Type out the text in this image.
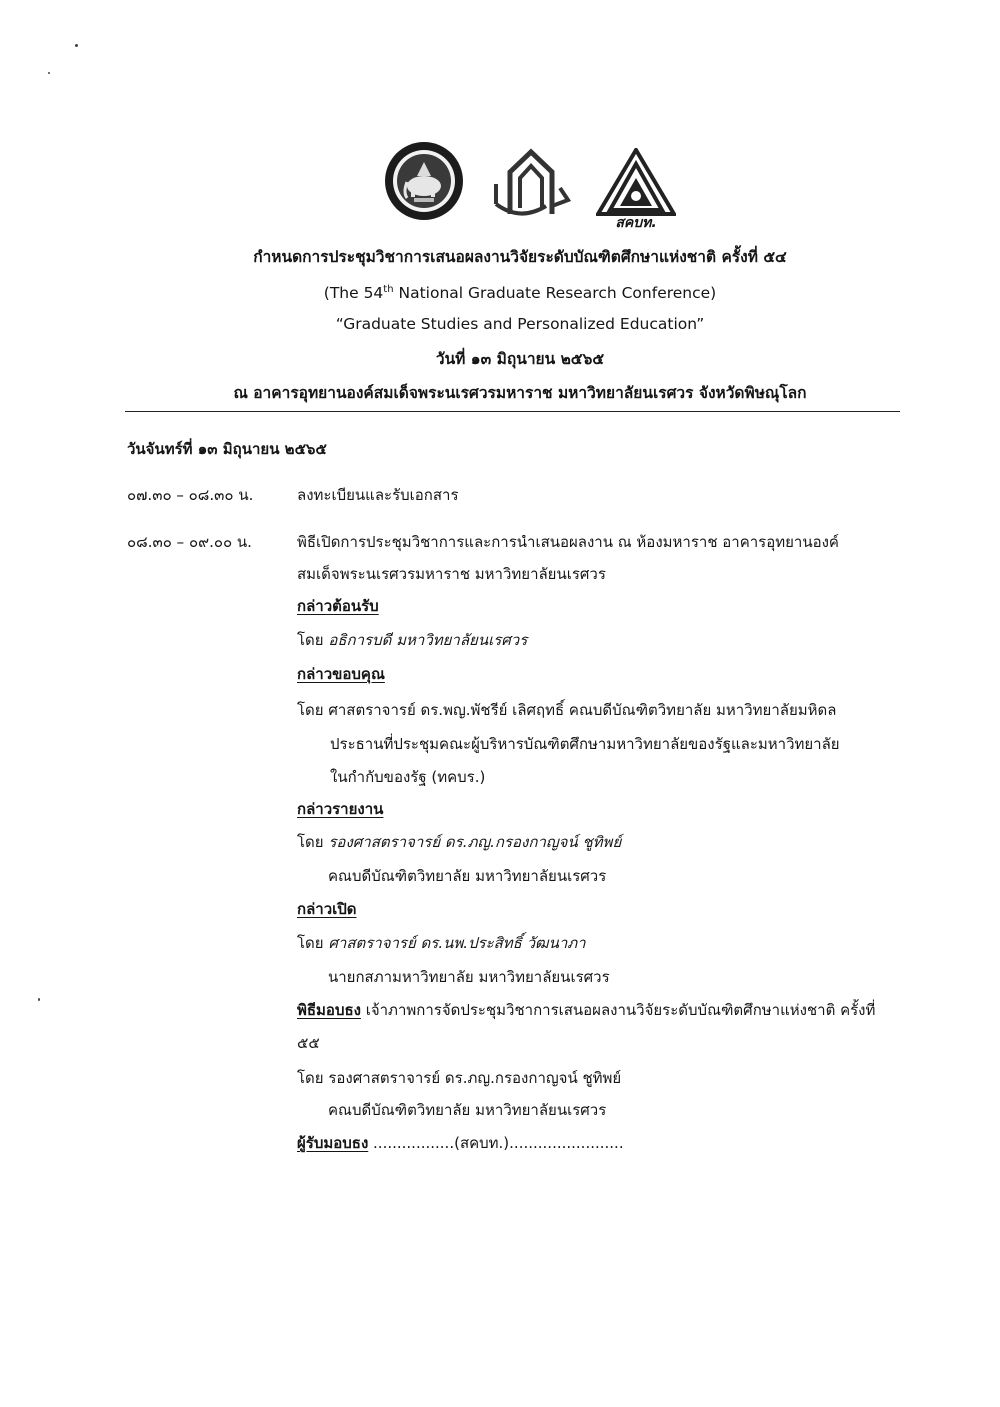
สคบท.
กำหนดการประชุมวิชาการเสนอผลงานวิจัยระดับบัณฑิตศึกษาแห่งชาติ ครั้งที่ ๕๔
(The 54th National Graduate Research Conference)
“Graduate Studies and Personalized Education”
วันที่ ๑๓ มิถุนายน ๒๕๖๕
ณ อาคารอุทยานองค์สมเด็จพระนเรศวรมหาราช มหาวิทยาลัยนเรศวร จังหวัดพิษณุโลก
วันจันทร์ที่ ๑๓ มิถุนายน ๒๕๖๕
๐๗.๓๐ – ๐๘.๓๐ น.	ลงทะเบียนและรับเอกสาร
๐๘.๓๐ – ๐๙.๐๐ น.	พิธีเปิดการประชุมวิชาการและการนำเสนอผลงาน ณ ห้องมหาราช อาคารอุทยานองค์
สมเด็จพระนเรศวรมหาราช มหาวิทยาลัยนเรศวร
กล่าวต้อนรับ
โดย อธิการบดี มหาวิทยาลัยนเรศวร
กล่าวขอบคุณ
โดย ศาสตราจารย์ ดร.พญ.พัชรีย์ เลิศฤทธิ์ คณบดีบัณฑิตวิทยาลัย มหาวิทยาลัยมหิดล
ประธานที่ประชุมคณะผู้บริหารบัณฑิตศึกษามหาวิทยาลัยของรัฐและมหาวิทยาลัย
ในกำกับของรัฐ (ทคบร.)
กล่าวรายงาน
โดย รองศาสตราจารย์ ดร.ภญ.กรองกาญจน์ ชูทิพย์
คณบดีบัณฑิตวิทยาลัย มหาวิทยาลัยนเรศวร
กล่าวเปิด
โดย ศาสตราจารย์ ดร.นพ.ประสิทธิ์ วัฒนาภา
นายกสภามหาวิทยาลัย มหาวิทยาลัยนเรศวร
พิธีมอบธง เจ้าภาพการจัดประชุมวิชาการเสนอผลงานวิจัยระดับบัณฑิตศึกษาแห่งชาติ ครั้งที่
๕๕
โดย รองศาสตราจารย์ ดร.ภญ.กรองกาญจน์ ชูทิพย์
คณบดีบัณฑิตวิทยาลัย มหาวิทยาลัยนเรศวร
ผู้รับมอบธง .................(สคบท.)........................
